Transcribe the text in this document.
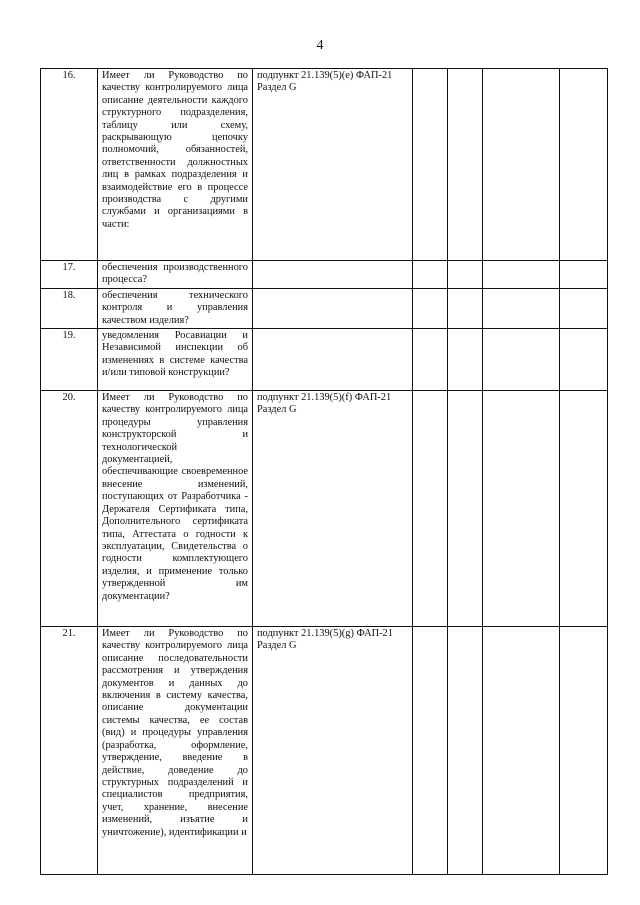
4
16.	Имеет ли Руководство по качеству контролируемого лица описание деятельности каждого структурного подразделения, таблицу или схему, раскрывающую цепочку полномочий, обязанностей, ответственности должностных лиц в рамках подразделения и взаимодействие его в процессе производства с другими службами и организациями в части:	подпункт 21.139(5)(e) ФАП-21 Раздел G				
17.	обеспечения производственного процесса?					
18.	обеспечения технического контроля и управления качеством изделия?					
19.	уведомления Росавиации и Независимой инспекции об изменениях в системе качества и/или типовой конструкции?					
20.	Имеет ли Руководство по качеству контролируемого лица процедуры управления конструкторской и технологической документацией, обеспечивающие своевременное внесение изменений, поступающих от Разработчика - Держателя Сертификата типа, Дополнительного сертификата типа, Аттестата о годности к эксплуатации, Свидетельства о годности комплектующего изделия, и применение только утвержденной им документации?	подпункт 21.139(5)(f) ФАП-21 Раздел G				
21.	Имеет ли Руководство по качеству контролируемого лица описание последовательности рассмотрения и утверждения документов и данных до включения в систему качества, описание документации системы качества, ее состав (вид) и процедуры управления (разработка, оформление, утверждение, введение в действие, доведение до структурных подразделений и специалистов предприятия, учет, хранение, внесение изменений, изъятие и уничтожение), идентификации и	подпункт 21.139(5)(g) ФАП-21 Раздел G				
